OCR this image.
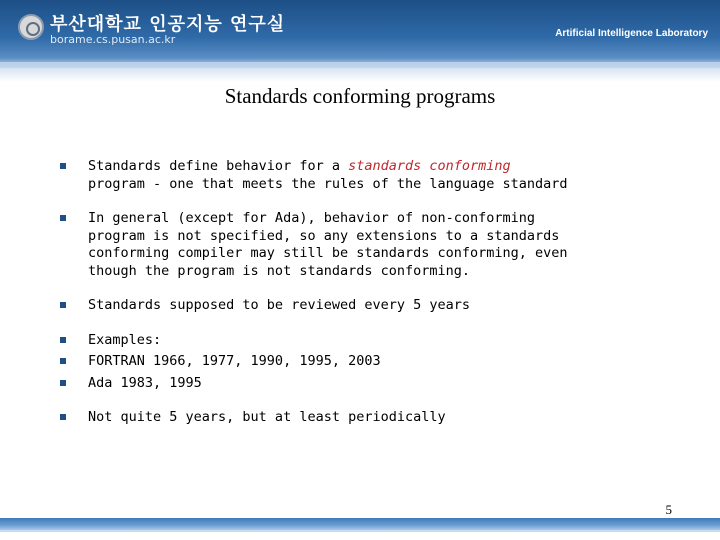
부산대학교 인공지능 연구실
borame.cs.pusan.ac.kr	Artificial Intelligence Laboratory
Standards conforming programs
Standards define behavior for a standards conforming
program - one that meets the rules of the language standard
In general (except for Ada), behavior of non-conforming
program is not specified, so any extensions to a standards
conforming compiler may still be standards conforming, even
though the program is not standards conforming.
Standards supposed to be reviewed every 5 years
Examples:
FORTRAN 1966, 1977, 1990, 1995, 2003
Ada 1983, 1995
Not quite 5 years, but at least periodically
5
